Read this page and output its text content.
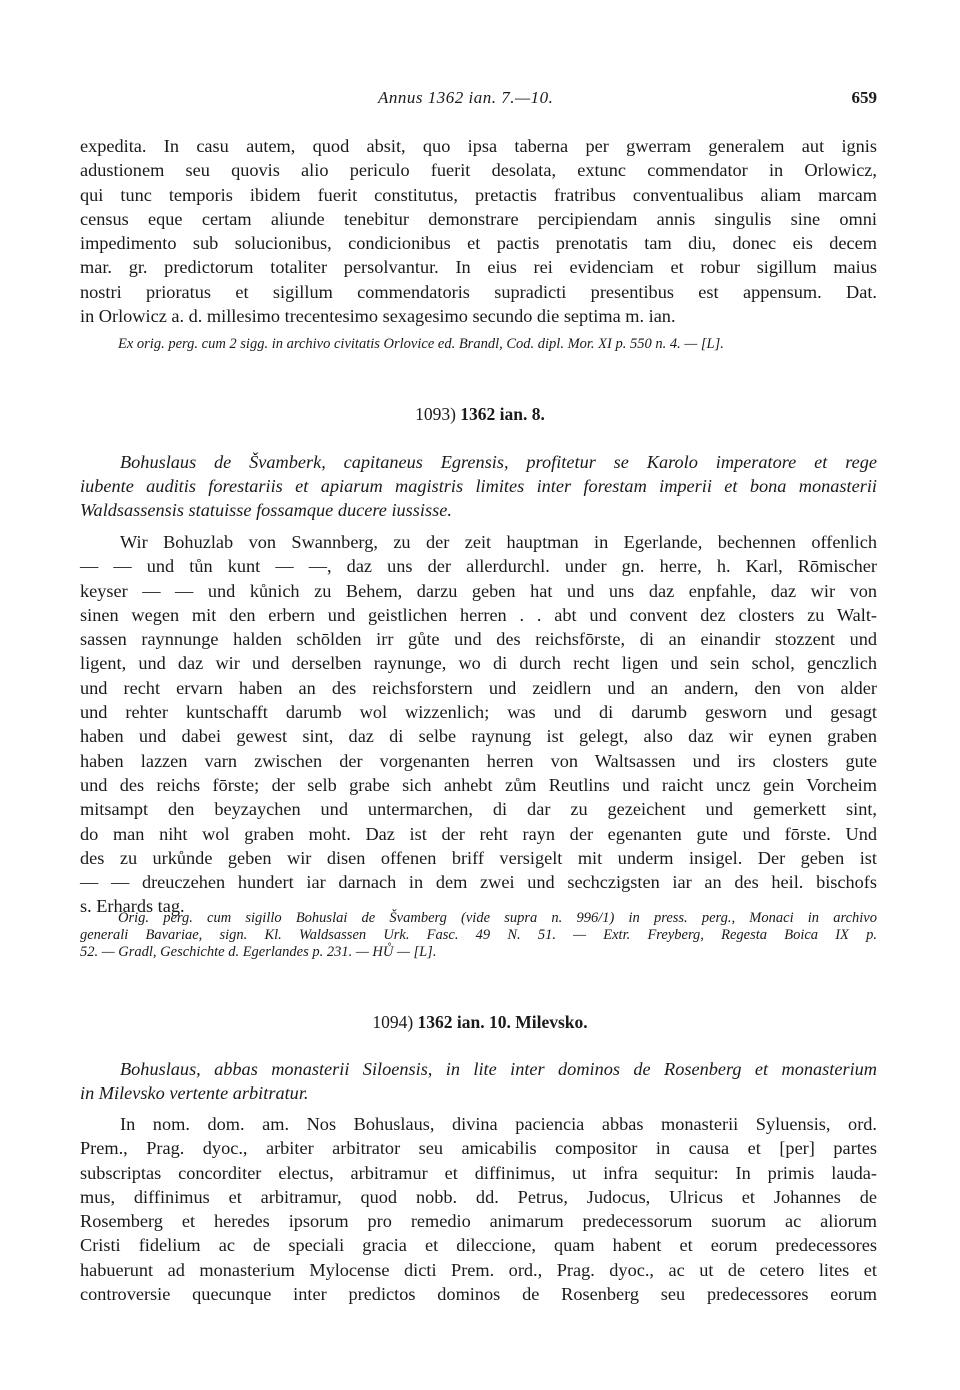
Annus 1362 ian. 7.—10.	659
expedita. In casu autem, quod absit, quo ipsa taberna per gwerram generalem aut ignis
adustionem seu quovis alio periculo fuerit desolata, extunc commendator in Orlowicz,
qui tunc temporis ibidem fuerit constitutus, pretactis fratribus conventualibus aliam marcam
census eque certam aliunde tenebitur demonstrare percipiendam annis singulis sine omni
impedimento sub solucionibus, condicionibus et pactis prenotatis tam diu, donec eis decem
mar. gr. predictorum totaliter persolvantur. In eius rei evidenciam et robur sigillum maius
nostri prioratus et sigillum commendatoris supradicti presentibus est appensum. Dat.
in Orlowicz a. d. millesimo trecentesimo sexagesimo secundo die septima m. ian.
Ex orig. perg. cum 2 sigg. in archivo civitatis Orlovice ed. Brandl, Cod. dipl. Mor. XI p. 550 n. 4. — [L].
1093) 1362 ian. 8.
Bohuslaus de Švamberk, capitaneus Egrensis, profitetur se Karolo imperatore et rege
iubente auditis forestariis et apiarum magistris limites inter forestam imperii et bona monasterii
Waldsassensis statuisse fossamque ducere iussisse.
Wir Bohuzlab von Swannberg, zu der zeit hauptman in Egerlande, bechennen offenlich
— — und tůn kunt — —, daz uns der allerdurchl. under gn. herre, h. Karl, Rōmischer
keyser — — und kůnich zu Behem, darzu geben hat und uns daz enpfahle, daz wir von
sinen wegen mit den erbern und geistlichen herren . . abt und convent dez closters zu Walt-
sassen raynnunge halden schōlden irr gůte und des reichsfōrste, di an einandir stozzent und
ligent, und daz wir und derselben raynunge, wo di durch recht ligen und sein schol, genczlich
und recht ervarn haben an des reichsforstern und zeidlern und an andern, den von alder
und rehter kuntschafft darumb wol wizzenlich; was und di darumb gesworn und gesagt
haben und dabei gewest sint, daz di selbe raynung ist gelegt, also daz wir eynen graben
haben lazzen varn zwischen der vorgenanten herren von Waltsassen und irs closters gute
und des reichs fōrste; der selb grabe sich anhebt zům Reutlins und raicht uncz gein Vorcheim
mitsampt den beyzaychen und untermarchen, di dar zu gezeichent und gemerkett sint,
do man niht wol graben moht. Daz ist der reht rayn der egenanten gute und fōrste. Und
des zu urkůnde geben wir disen offenen briff versigelt mit underm insigel. Der geben ist
— — dreuczehen hundert iar darnach in dem zwei und sechczigsten iar an des heil. bischofs
s. Erhards tag.
Orig. perg. cum sigillo Bohuslai de Švamberg (vide supra n. 996/1) in press. perg., Monaci in archivo
generali Bavariae, sign. Kl. Waldsassen Urk. Fasc. 49 N. 51. — Extr. Freyberg, Regesta Boica IX p.
52. — Gradl, Geschichte d. Egerlandes p. 231. — HŮ — [L].
1094) 1362 ian. 10. Milevsko.
Bohuslaus, abbas monasterii Siloensis, in lite inter dominos de Rosenberg et monasterium
in Milevsko vertente arbitratur.
In nom. dom. am. Nos Bohuslaus, divina paciencia abbas monasterii Syluensis, ord.
Prem., Prag. dyoc., arbiter arbitrator seu amicabilis compositor in causa et [per] partes
subscriptas concorditer electus, arbitramur et diffinimus, ut infra sequitur: In primis lauda-
mus, diffinimus et arbitramur, quod nobb. dd. Petrus, Judocus, Ulricus et Johannes de
Rosemberg et heredes ipsorum pro remedio animarum predecessorum suorum ac aliorum
Cristi fidelium ac de speciali gracia et dileccione, quam habent et eorum predecessores
habuerunt ad monasterium Mylocense dicti Prem. ord., Prag. dyoc., ac ut de cetero lites et
controversie quecunque inter predictos dominos de Rosenberg seu predecessores eorum
